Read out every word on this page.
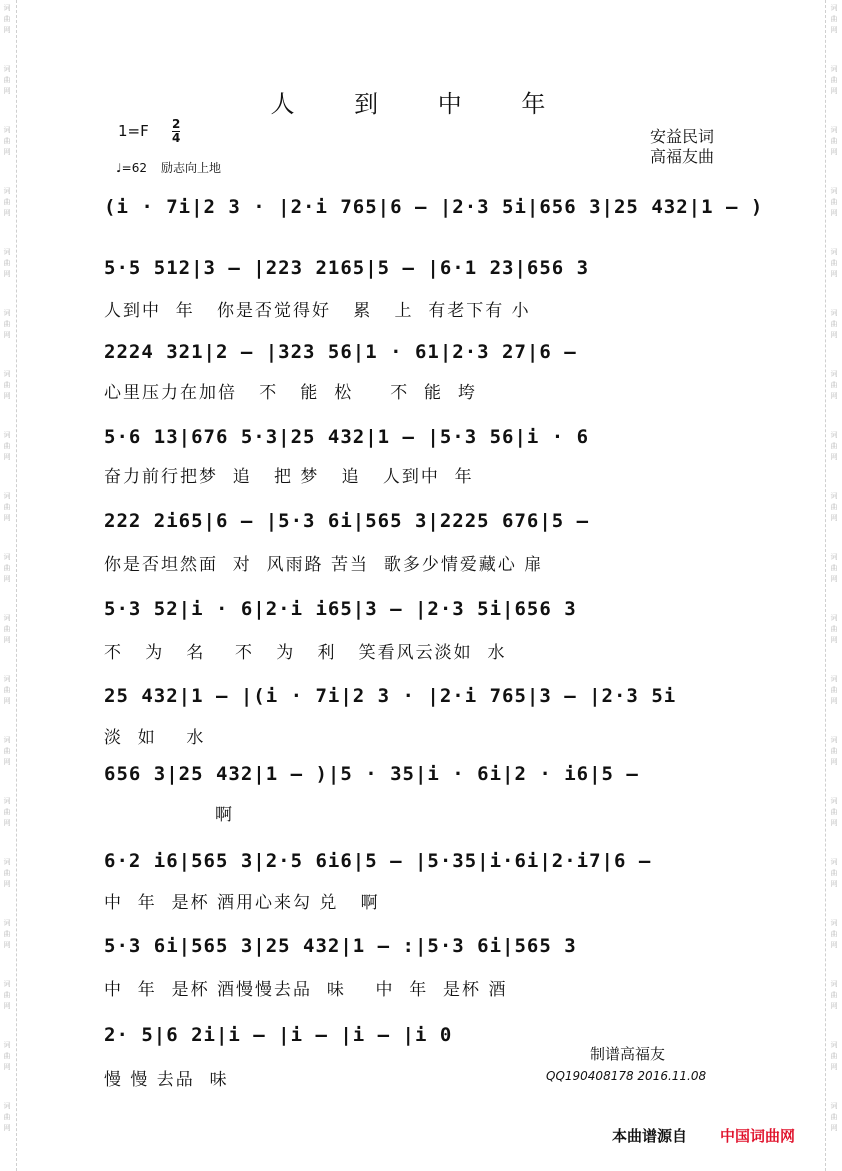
词
曲
网
词
曲
网
词
曲
网
词
曲
网
词
曲
网
词
曲
网
词
曲
网
词
曲
网
词
曲
网
词
曲
网
词
曲
网
词
曲
网
词
曲
网
词
曲
网
词
曲
网
词
曲
网
词
曲
网
词
曲
网
词
曲
网
词
曲
网
词
曲
网
词
曲
网
词
曲
网
词
曲
网
词
曲
网
词
曲
网
词
曲
网
词
曲
网
词
曲
网
词
曲
网
词
曲
网
词
曲
网
词
曲
网
词
曲
网
词
曲
网
词
曲
网
词
曲
网
词
曲
网
人 到 中 年
1=F 2
4
♩=62 励志向上地
安益民词
高福友曲
(i · 7i|2 3 · |2·i 765|6 – |2·3 5i|656 3|25 432|1 – )
5·5 512|3 – |223 2165|5 – |6·1 23|656 3
人到中  年   你是否觉得好   累   上  有老下有 小
2224 321|2 – |323 56|1 · 61|2·3 27|6 –
心里压力在加倍   不   能  松     不  能  垮
5·6 13|676 5·3|25 432|1 – |5·3 56|i · 6
奋力前行把梦  追   把 梦   追   人到中  年
222 2i65|6 – |5·3 6i|565 3|2225 676|5 –
你是否坦然面  对  风雨路 苦当  歌多少情爱藏心 扉
5·3 52|i · 6|2·i i65|3 – |2·3 5i|656 3
不   为   名    不   为   利   笑看风云淡如  水
25 432|1 – |(i · 7i|2 3 · |2·i 765|3 – |2·3 5i
淡  如    水
656 3|25 432|1 – )|5 · 35|i · 6i|2 · i6|5 –
啊
6·2 i6|565 3|2·5 6i6|5 – |5·35|i·6i|2·i7|6 –
中  年  是杯 酒用心来勾 兑   啊
5·3 6i|565 3|25 432|1 – :|5·3 6i|565 3
中  年  是杯 酒慢慢去品  味    中  年  是杯 酒
2· 5|6 2i|i – |i – |i – |i 0
慢 慢 去品  味
制谱高福友
QQ190408178 2016.11.08
本曲谱源自 中国词曲网
